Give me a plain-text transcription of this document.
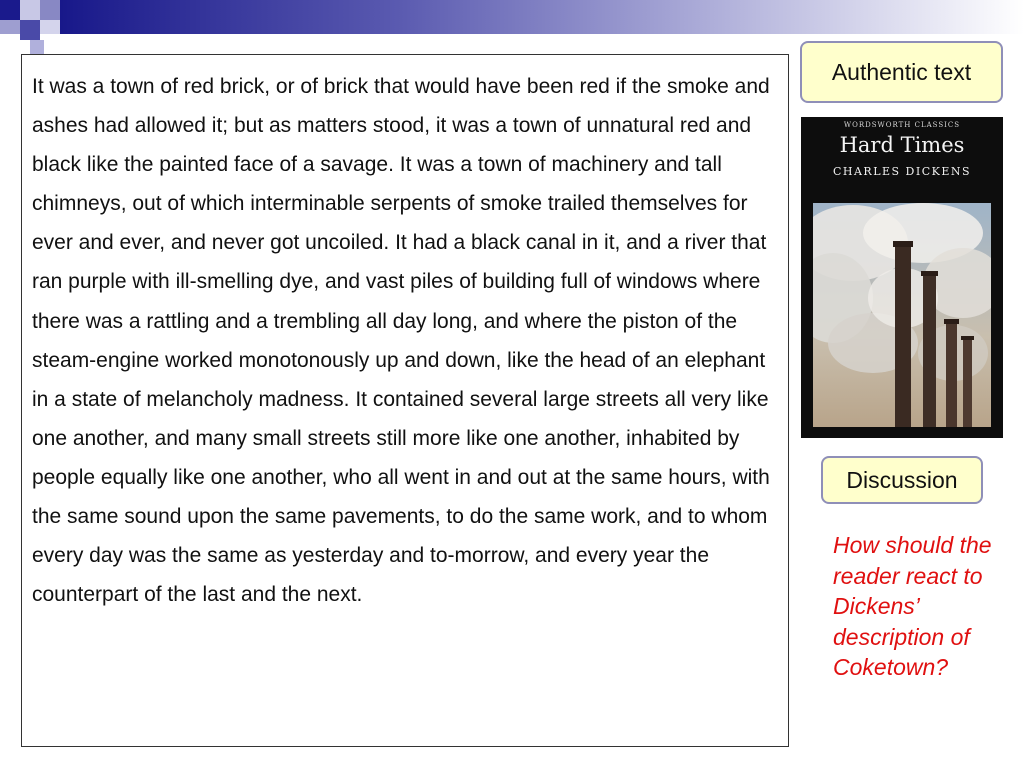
It was a town of red brick, or of brick that would have been red if the smoke and ashes had allowed it; but as matters stood, it was a town of unnatural red and black like the painted face of a savage. It was a town of machinery and tall chimneys, out of which interminable serpents of smoke trailed themselves for ever and ever, and never got uncoiled. It had a black canal in it, and a river that ran purple with ill-smelling dye, and vast piles of building full of windows where there was a rattling and a trembling all day long, and where the piston of the steam-engine worked monotonously up and down, like the head of an elephant in a state of melancholy madness. It contained several large streets all very like one another, and many small streets still more like one another, inhabited by people equally like one another, who all went in and out at the same hours, with the same sound upon the same pavements, to do the same work, and to whom every day was the same as yesterday and to-morrow, and every year the counterpart of the last and the next.

Authentic text
WORDSWORTH CLASSICS
Hard Times
CHARLES DICKENS
Discussion

How should the reader react to Dickens’ description of Coketown?
